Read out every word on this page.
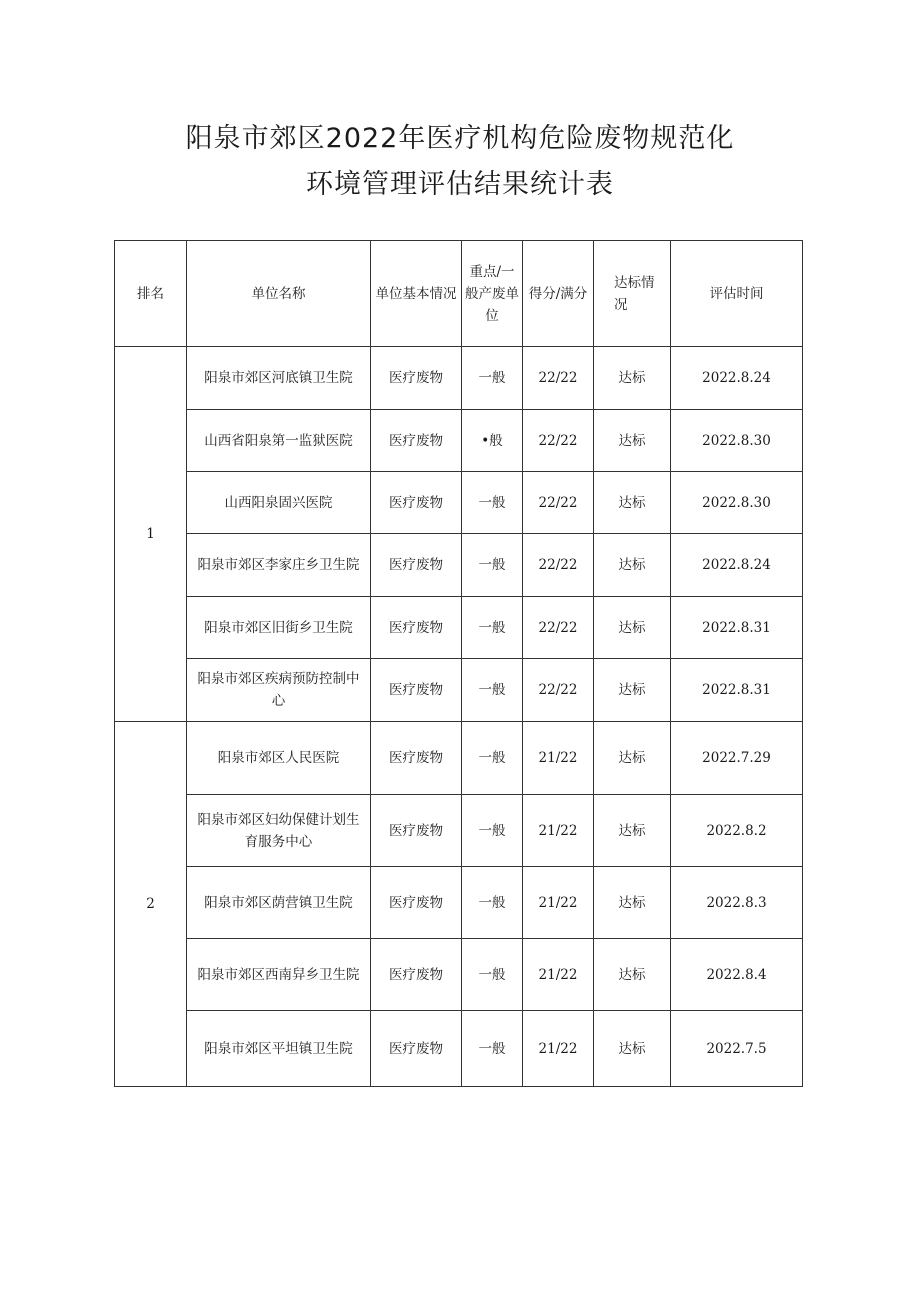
阳泉市郊区2022年医疗机构危险废物规范化
环境管理评估结果统计表
排名	单位名称	单位基本情况	重点/一般产废单位	得分/满分	达标情况	评估时间
1	阳泉市郊区河底镇卫生院	医疗废物	一般	22/22	达标	2022.8.24
	山西省阳泉第一监狱医院	医疗废物	•般	22/22	达标	2022.8.30
	山西阳泉固兴医院	医疗废物	一般	22/22	达标	2022.8.30
	阳泉市郊区李家庄乡卫生院	医疗废物	一般	22/22	达标	2022.8.24
	阳泉市郊区旧街乡卫生院	医疗废物	一般	22/22	达标	2022.8.31
	阳泉市郊区疾病预防控制中心	医疗废物	一般	22/22	达标	2022.8.31
2	阳泉市郊区人民医院	医疗废物	一般	21/22	达标	2022.7.29
	阳泉市郊区妇幼保健计划生育服务中心	医疗废物	一般	21/22	达标	2022.8.2
	阳泉市郊区荫营镇卫生院	医疗废物	一般	21/22	达标	2022.8.3
	阳泉市郊区西南舁乡卫生院	医疗废物	一般	21/22	达标	2022.8.4
	阳泉市郊区平坦镇卫生院	医疗废物	一般	21/22	达标	2022.7.5
